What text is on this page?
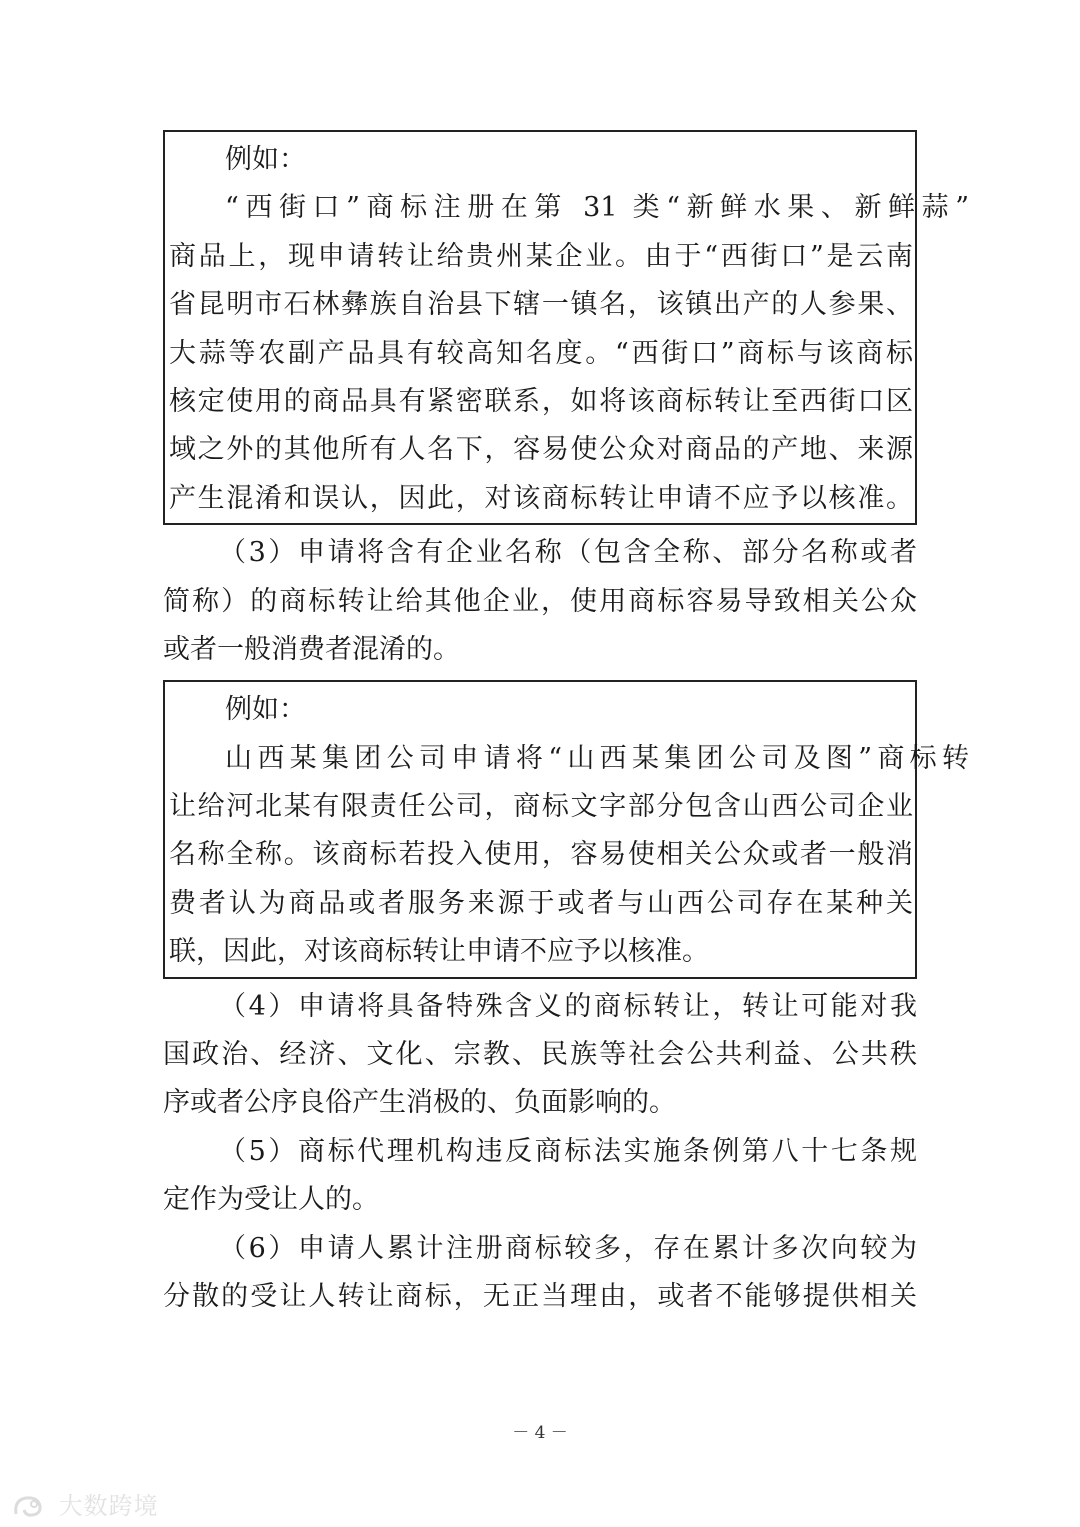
例如：
“西街口”商标注册在第 31 类“新鲜水果、新鲜蒜”
商品上，现申请转让给贵州某企业。由于“西街口”是云南
省昆明市石林彝族自治县下辖一镇名，该镇出产的人参果、
大蒜等农副产品具有较高知名度。“西街口”商标与该商标
核定使用的商品具有紧密联系，如将该商标转让至西街口区
域之外的其他所有人名下，容易使公众对商品的产地、来源
产生混淆和误认，因此，对该商标转让申请不应予以核准。
（3）申请将含有企业名称（包含全称、部分名称或者
简称）的商标转让给其他企业，使用商标容易导致相关公众
或者一般消费者混淆的。
例如：
山西某集团公司申请将“山西某集团公司及图”商标转
让给河北某有限责任公司，商标文字部分包含山西公司企业
名称全称。该商标若投入使用，容易使相关公众或者一般消
费者认为商品或者服务来源于或者与山西公司存在某种关
联，因此，对该商标转让申请不应予以核准。
（4）申请将具备特殊含义的商标转让，转让可能对我
国政治、经济、文化、宗教、民族等社会公共利益、公共秩
序或者公序良俗产生消极的、负面影响的。
（5）商标代理机构违反商标法实施条例第八十七条规
定作为受让人的。
（6）申请人累计注册商标较多，存在累计多次向较为
分散的受让人转让商标，无正当理由，或者不能够提供相关
－ 4 －
大数跨境
